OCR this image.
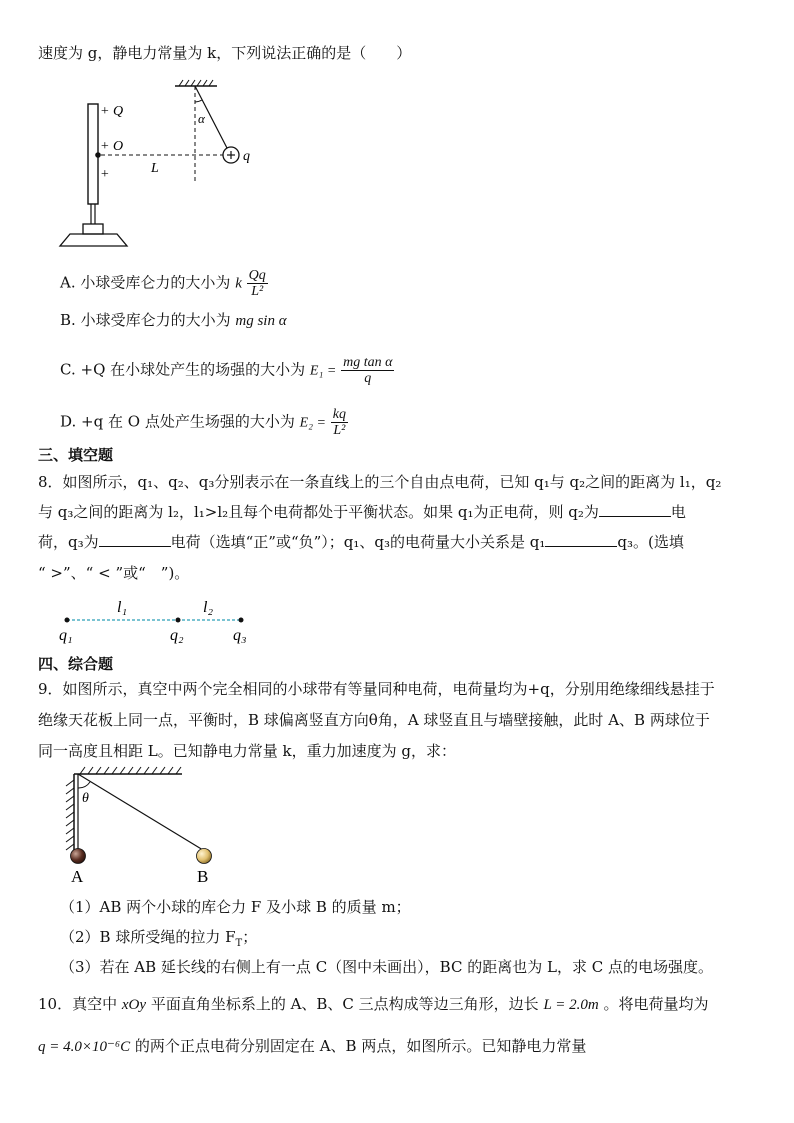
速度为 g，静电力常量为 k，下列说法正确的是（　　）
+ Q
+ O
+	L
α
q
A. 小球受库仑力的大小为 k $\frac{Qq}{\text{L²}}$
B. 小球受库仑力的大小为 mg sin α
C. +Q 在小球处产生的场强的大小为 $E_1 = \frac{\text{mg tan α}}{q}$
D. +q 在 O 点处产生场强的大小为 $E_2 = \frac{kq}{\text{L²}}$
三、填空题
8．如图所示，q₁、q₂、q₃分别表示在一条直线上的三个自由点电荷，已知 q₁与 q₂之间的距离为 l₁，q₂
与 q₃之间的距离为 l₂，l₁>l₂且每个电荷都处于平衡状态。如果 q₁为正电荷，则 q₂为	电
荷，q₃为	电荷（选填“正”或“负”）；q₁、q₃的电荷量大小关系是 q₁	q₃。(选填
“ >”、“ < ”或“　”)。
l₁	l₂
q₁	q₂	q₃
四、综合题
9．如图所示，真空中两个完全相同的小球带有等量同种电荷，电荷量均为+q，分别用绝缘细线悬挂于
绝缘天花板上同一点，平衡时，B 球偏离竖直方向θ角，A 球竖直且与墙壁接触，此时 A、B 两球位于
同一高度且相距 L。已知静电力常量 k，重力加速度为 g，求：
θ
A	B
（1）AB 两个小球的库仑力 F 及小球 B 的质量 m；
（2）B 球所受绳的拉力 $F_T$；
（3）若在 AB 延长线的右侧上有一点 C（图中未画出），BC 的距离也为 L，求 C 点的电场强度。
10．真空中 xOy 平面直角坐标系上的 A、B、C 三点构成等边三角形，边长 L = 2.0m 。将电荷量均为
q = 4.0×10⁻⁶C 的两个正点电荷分别固定在 A、B 两点，如图所示。已知静电力常量
